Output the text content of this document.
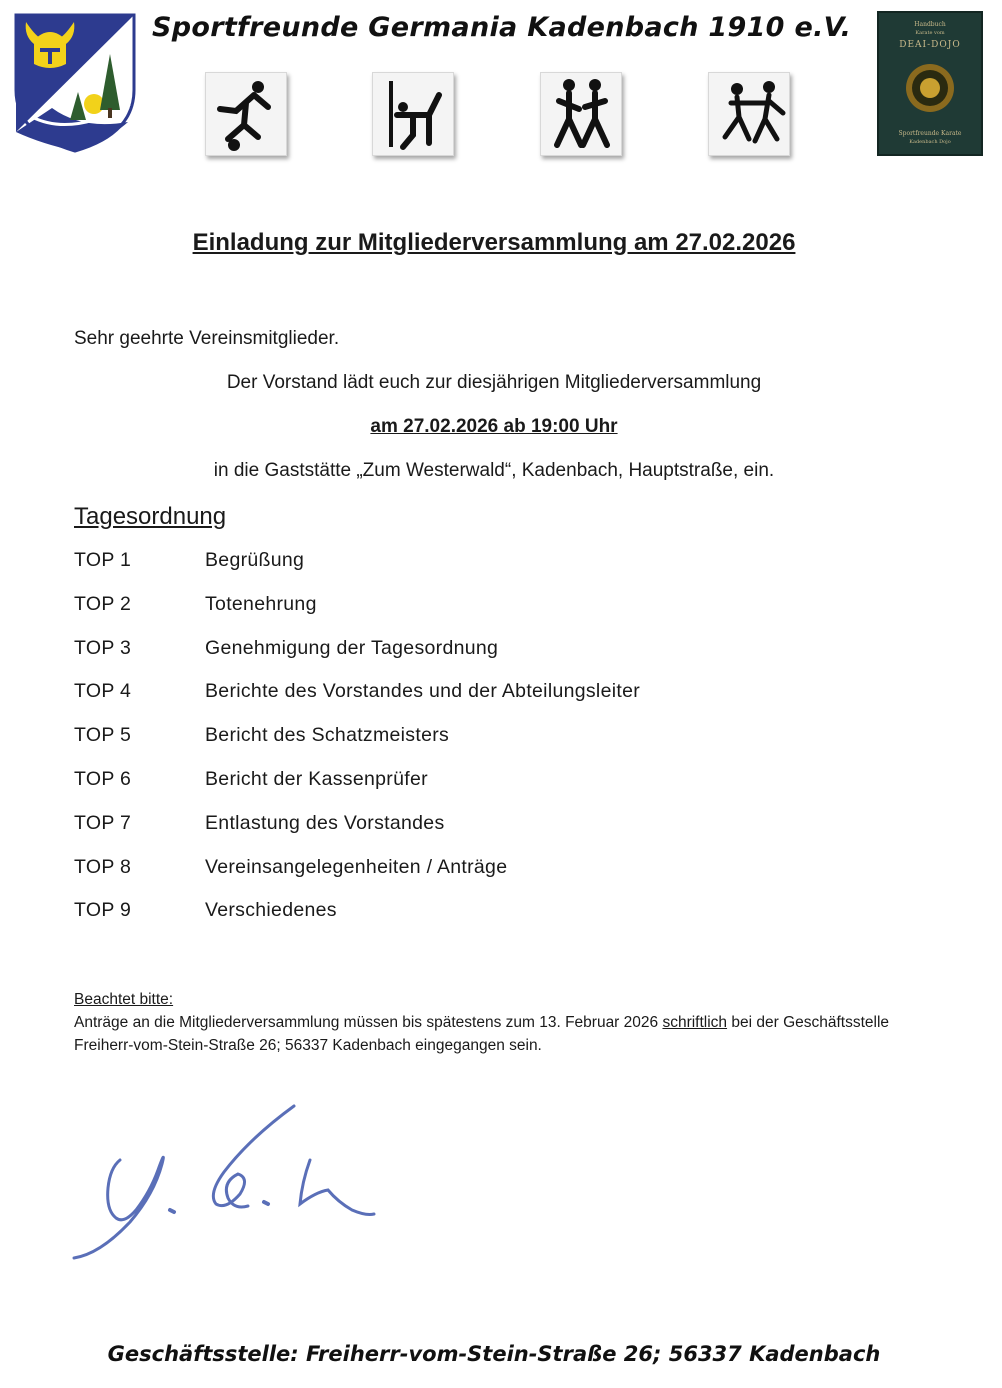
Sportfreunde Germania Kadenbach 1910 e.V.	Handbuch
Karate vom
DEAI-DOJO
Sportfreunde Karate
Kadenbach Dojo
Einladung zur Mitgliederversammlung am 27.02.2026
Sehr geehrte Vereinsmitglieder.
Der Vorstand lädt euch zur diesjährigen Mitgliederversammlung
am 27.02.2026 ab 19:00 Uhr
in die Gaststätte „Zum Westerwald“, Kadenbach, Hauptstraße, ein.
Tagesordnung
TOP 1	Begrüßung
TOP 2	Totenehrung
TOP 3	Genehmigung der Tagesordnung
TOP 4	Berichte des Vorstandes und der Abteilungsleiter
TOP 5	Bericht des Schatzmeisters
TOP 6	Bericht der Kassenprüfer
TOP 7	Entlastung des Vorstandes
TOP 8	Vereinsangelegenheiten / Anträge
TOP 9	Verschiedenes
Beachtet bitte:
Anträge an die Mitgliederversammlung müssen bis spätestens zum 13. Februar 2026 schriftlich bei der Geschäftsstelle Freiherr-vom-Stein-Straße 26; 56337 Kadenbach eingegangen sein.
Geschäftsstelle: Freiherr-vom-Stein-Straße 26; 56337 Kadenbach
